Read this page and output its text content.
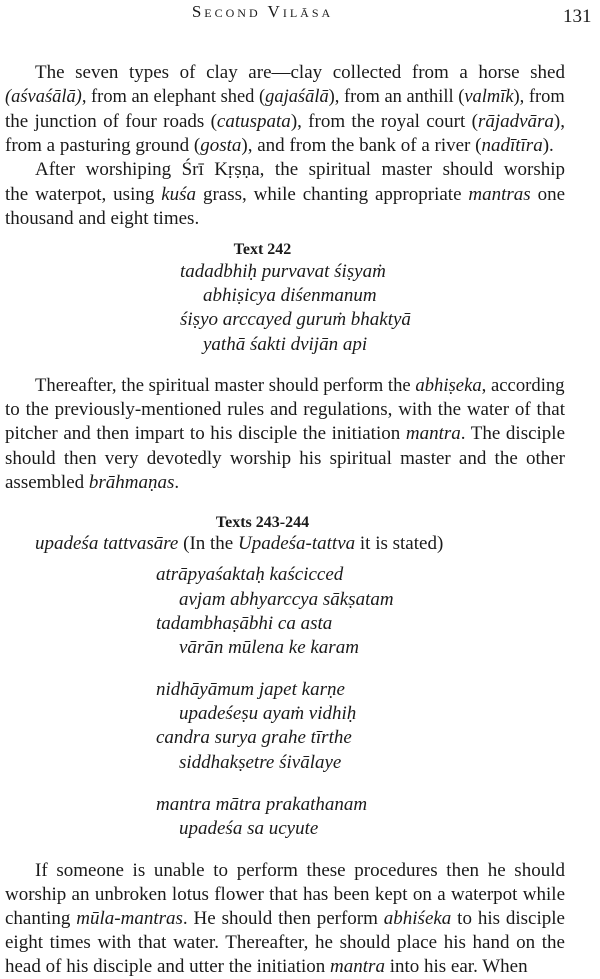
Second Vilāsa	131
The seven types of clay are—clay collected from a horse shed
(aśvaśālā), from an elephant shed (gajaśālā), from an anthill (valmīk), from
the junction of four roads (catuspata), from the royal court (rājadvāra),
from a pasturing ground (gosta), and from the bank of a river (nadītīra).
After worshiping Śrī Kṛṣṇa, the spiritual master should worship
the waterpot, using kuśa grass, while chanting appropriate mantras one
thousand and eight times.
Text 242
tadadbhiḥ purvavat śiṣyaṁ
abhiṣicya diśenmanum
śiṣyo arccayed guruṁ bhaktyā
yathā śakti dvijān api
Thereafter, the spiritual master should perform the abhiṣeka, according
to the previously-mentioned rules and regulations, with the water of that
pitcher and then impart to his disciple the initiation mantra. The disciple
should then very devotedly worship his spiritual master and the other
assembled brāhmaṇas.
Texts 243-244
upadeśa tattvasāre (In the Upadeśa-tattva it is stated)
atrāpyaśaktaḥ kaścicced
avjam abhyarccya sākṣatam
tadambhaṣābhi ca asta
vārān mūlena ke karam
nidhāyāmum japet karṇe
upadeśeṣu ayaṁ vidhiḥ
candra surya grahe tīrthe
siddhakṣetre śivālaye
mantra mātra prakathanam
upadeśa sa ucyute
If someone is unable to perform these procedures then he should
worship an unbroken lotus flower that has been kept on a waterpot while
chanting mūla-mantras. He should then perform abhiśeka to his disciple
eight times with that water. Thereafter, he should place his hand on the
head of his disciple and utter the initiation mantra into his ear. When
